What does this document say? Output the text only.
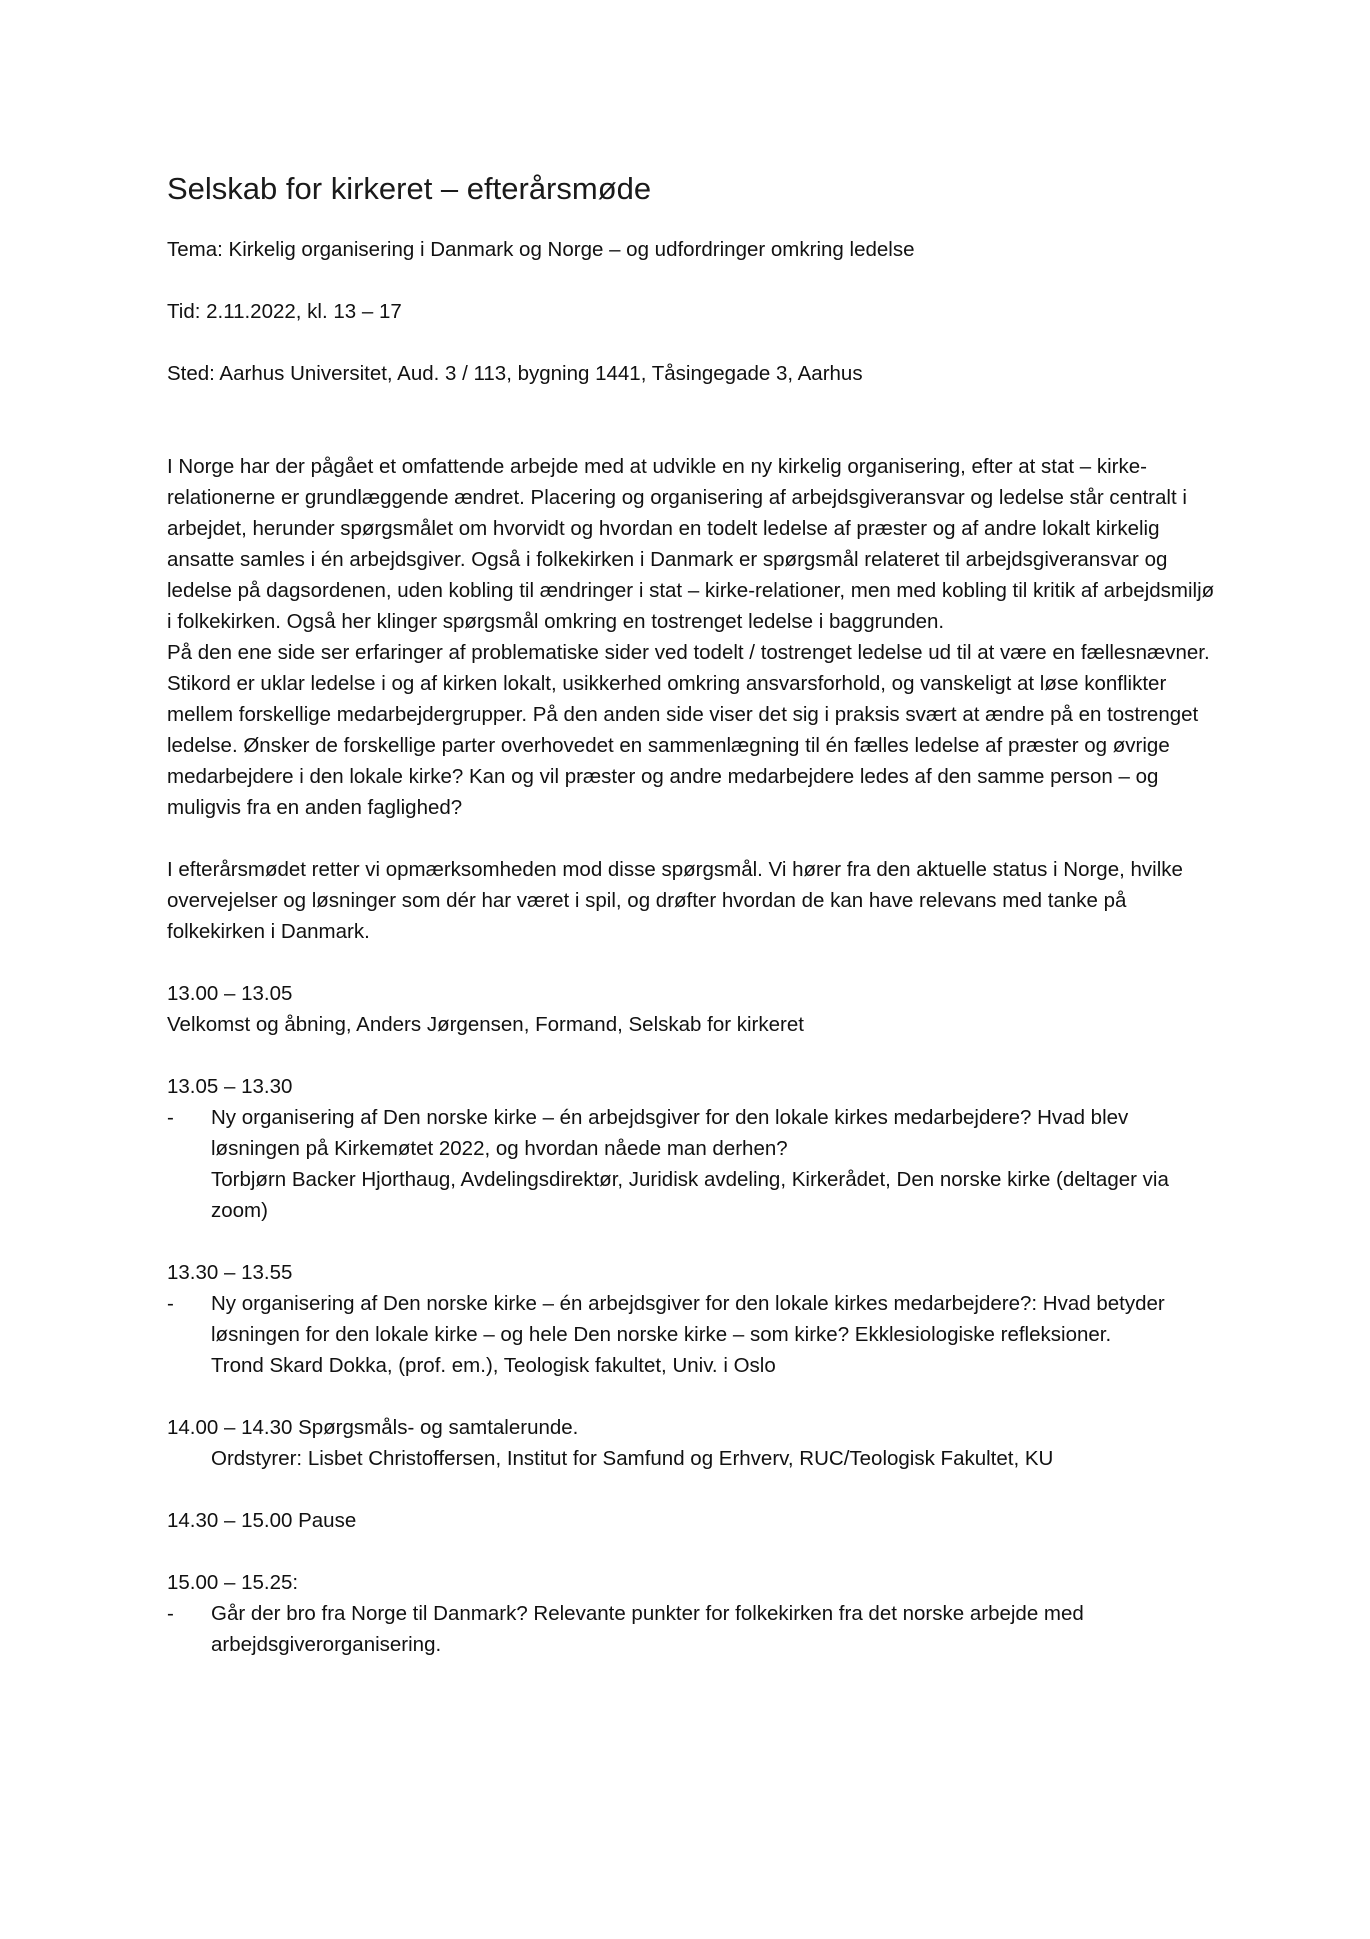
Selskab for kirkeret – efterårsmøde

Tema: Kirkelig organisering i Danmark og Norge – og udfordringer omkring ledelse

Tid: 2.11.2022, kl. 13 – 17

Sted: Aarhus Universitet, Aud. 3 / 113, bygning 1441, Tåsingegade 3, Aarhus

I Norge har der pågået et omfattende arbejde med at udvikle en ny kirkelig organisering, efter at stat – kirke-relationerne er grundlæggende ændret. Placering og organisering af arbejdsgiveransvar og ledelse står centralt i arbejdet, herunder spørgsmålet om hvorvidt og hvordan en todelt ledelse af præster og af andre lokalt kirkelig ansatte samles i én arbejdsgiver. Også i folkekirken i Danmark er spørgsmål relateret til arbejdsgiveransvar og ledelse på dagsordenen, uden kobling til ændringer i stat – kirke-relationer, men med kobling til kritik af arbejdsmiljø i folkekirken. Også her klinger spørgsmål omkring en tostrenget ledelse i baggrunden.

På den ene side ser erfaringer af problematiske sider ved todelt / tostrenget ledelse ud til at være en fællesnævner. Stikord er uklar ledelse i og af kirken lokalt, usikkerhed omkring ansvarsforhold, og vanskeligt at løse konflikter mellem forskellige medarbejdergrupper. På den anden side viser det sig i praksis svært at ændre på en tostrenget ledelse. Ønsker de forskellige parter overhovedet en sammenlægning til én fælles ledelse af præster og øvrige medarbejdere i den lokale kirke? Kan og vil præster og andre medarbejdere ledes af den samme person – og muligvis fra en anden faglighed?

I efterårsmødet retter vi opmærksomheden mod disse spørgsmål. Vi hører fra den aktuelle status i Norge, hvilke overvejelser og løsninger som dér har været i spil, og drøfter hvordan de kan have relevans med tanke på folkekirken i Danmark.

13.00 – 13.05

Velkomst og åbning, Anders Jørgensen, Formand, Selskab for kirkeret

13.05 – 13.30

-	Ny organisering af Den norske kirke – én arbejdsgiver for den lokale kirkes medarbejdere? Hvad blev løsningen på Kirkemøtet 2022, og hvordan nåede man derhen?

Torbjørn Backer Hjorthaug, Avdelingsdirektør, Juridisk avdeling, Kirkerådet, Den norske kirke (deltager via zoom)

13.30 – 13.55

-	Ny organisering af Den norske kirke – én arbejdsgiver for den lokale kirkes medarbejdere?: Hvad betyder løsningen for den lokale kirke – og hele Den norske kirke – som kirke? Ekklesiologiske refleksioner.

Trond Skard Dokka, (prof. em.), Teologisk fakultet, Univ. i Oslo

14.00 – 14.30 Spørgsmåls- og samtalerunde.

Ordstyrer: Lisbet Christoffersen, Institut for Samfund og Erhverv, RUC/Teologisk Fakultet, KU

14.30 – 15.00 Pause

15.00 – 15.25:

-	Går der bro fra Norge til Danmark? Relevante punkter for folkekirken fra det norske arbejde med arbejdsgiverorganisering.
